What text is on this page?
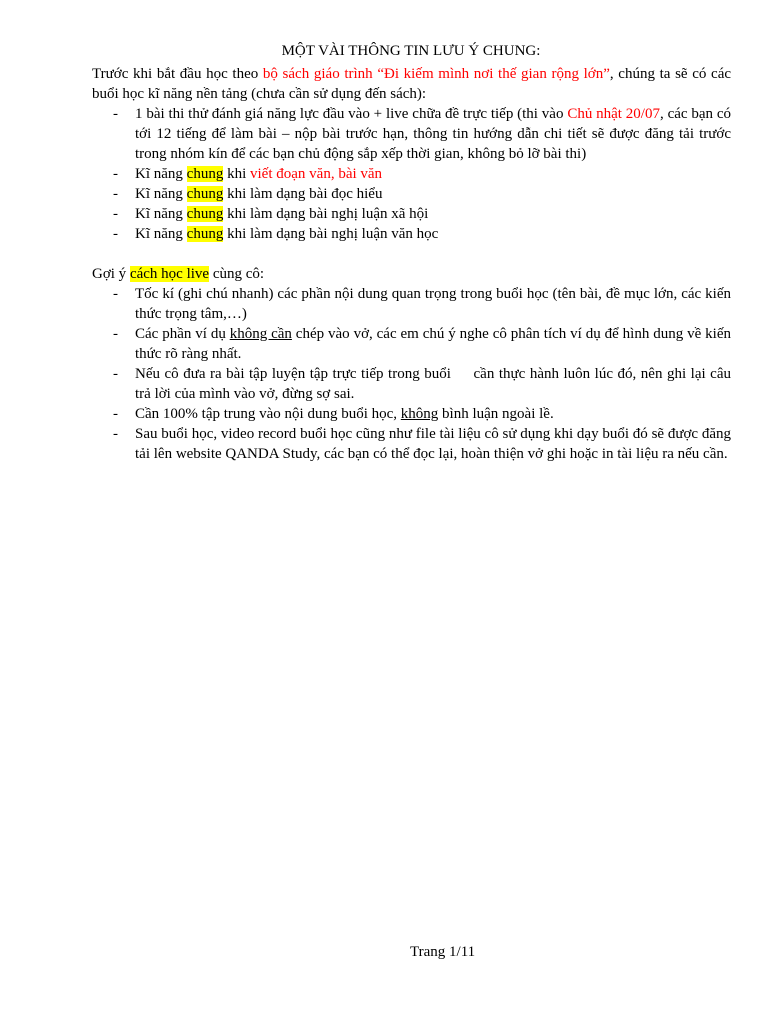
MỘT VÀI THÔNG TIN LƯU Ý CHUNG:
Trước khi bắt đầu học theo bộ sách giáo trình “Đi kiếm mình nơi thế gian rộng lớn”, chúng ta sẽ có các buổi học kĩ năng nền tảng (chưa cần sử dụng đến sách):
- 1 bài thi thử đánh giá năng lực đầu vào + live chữa đề trực tiếp (thi vào Chủ nhật 20/07, các bạn có tới 12 tiếng để làm bài – nộp bài trước hạn, thông tin hướng dẫn chi tiết sẽ được đăng tải trước trong nhóm kín để các bạn chủ động sắp xếp thời gian, không bỏ lỡ bài thi)
- Kĩ năng chung khi viết đoạn văn, bài văn
- Kĩ năng chung khi làm dạng bài đọc hiểu
- Kĩ năng chung khi làm dạng bài nghị luận xã hội
- Kĩ năng chung khi làm dạng bài nghị luận văn học
Gợi ý cách học live cùng cô:
- Tốc kí (ghi chú nhanh) các phần nội dung quan trọng trong buổi học (tên bài, đề mục lớn, các kiến thức trọng tâm,…)
- Các phần ví dụ không cần chép vào vở, các em chú ý nghe cô phân tích ví dụ để hình dung về kiến thức rõ ràng nhất.
- Nếu cô đưa ra bài tập luyện tập trực tiếp trong buổi     cần thực hành luôn lúc đó, nên ghi lại câu trả lời của mình vào vở, đừng sợ sai.
- Cần 100% tập trung vào nội dung buổi học, không bình luận ngoài lề.
- Sau buổi học, video record buổi học cũng như file tài liệu cô sử dụng khi dạy buổi đó sẽ được đăng tải lên website QANDA Study, các bạn có thể đọc lại, hoàn thiện vở ghi hoặc in tài liệu ra nếu cần.
Trang 1/11
